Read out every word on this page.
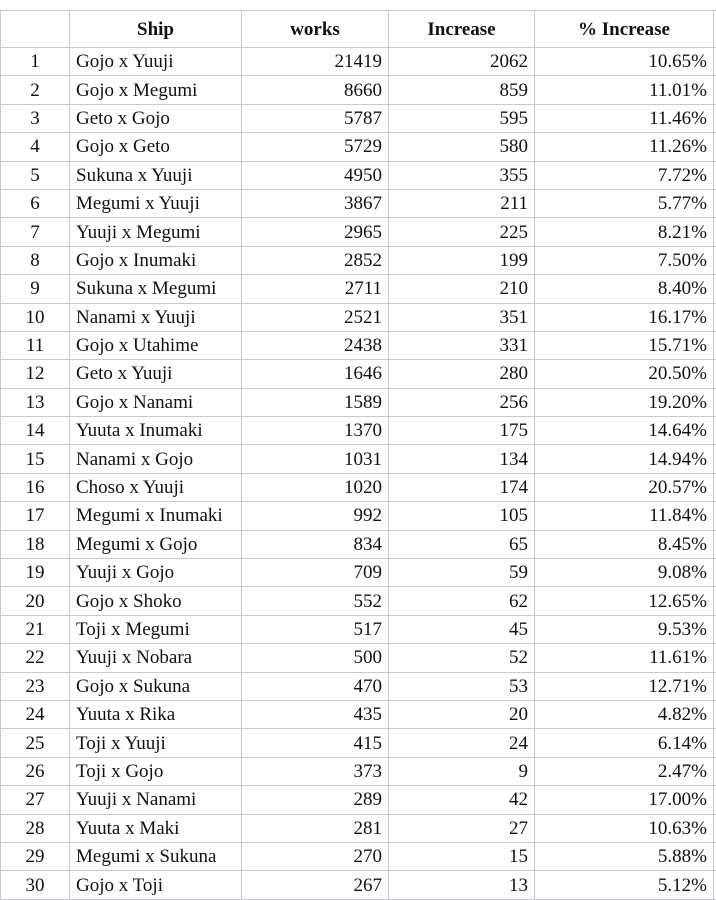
	Ship	works	Increase	% Increase	
1	Gojo x Yuuji	21419	2062	10.65%	
2	Gojo x Megumi	8660	859	11.01%	
3	Geto x Gojo	5787	595	11.46%	
4	Gojo x Geto	5729	580	11.26%	
5	Sukuna x Yuuji	4950	355	7.72%	
6	Megumi x Yuuji	3867	211	5.77%	
7	Yuuji x Megumi	2965	225	8.21%	
8	Gojo x Inumaki	2852	199	7.50%	
9	Sukuna x Megumi	2711	210	8.40%	
10	Nanami x Yuuji	2521	351	16.17%	
11	Gojo x Utahime	2438	331	15.71%	
12	Geto x Yuuji	1646	280	20.50%	
13	Gojo x Nanami	1589	256	19.20%	
14	Yuuta x Inumaki	1370	175	14.64%	
15	Nanami x Gojo	1031	134	14.94%	
16	Choso x Yuuji	1020	174	20.57%	
17	Megumi x Inumaki	992	105	11.84%	
18	Megumi x Gojo	834	65	8.45%	
19	Yuuji x Gojo	709	59	9.08%	
20	Gojo x Shoko	552	62	12.65%	
21	Toji x Megumi	517	45	9.53%	
22	Yuuji x Nobara	500	52	11.61%	
23	Gojo x Sukuna	470	53	12.71%	
24	Yuuta x Rika	435	20	4.82%	
25	Toji x Yuuji	415	24	6.14%	
26	Toji x Gojo	373	9	2.47%	
27	Yuuji x Nanami	289	42	17.00%	
28	Yuuta x Maki	281	27	10.63%	
29	Megumi x Sukuna	270	15	5.88%	
30	Gojo x Toji	267	13	5.12%	
